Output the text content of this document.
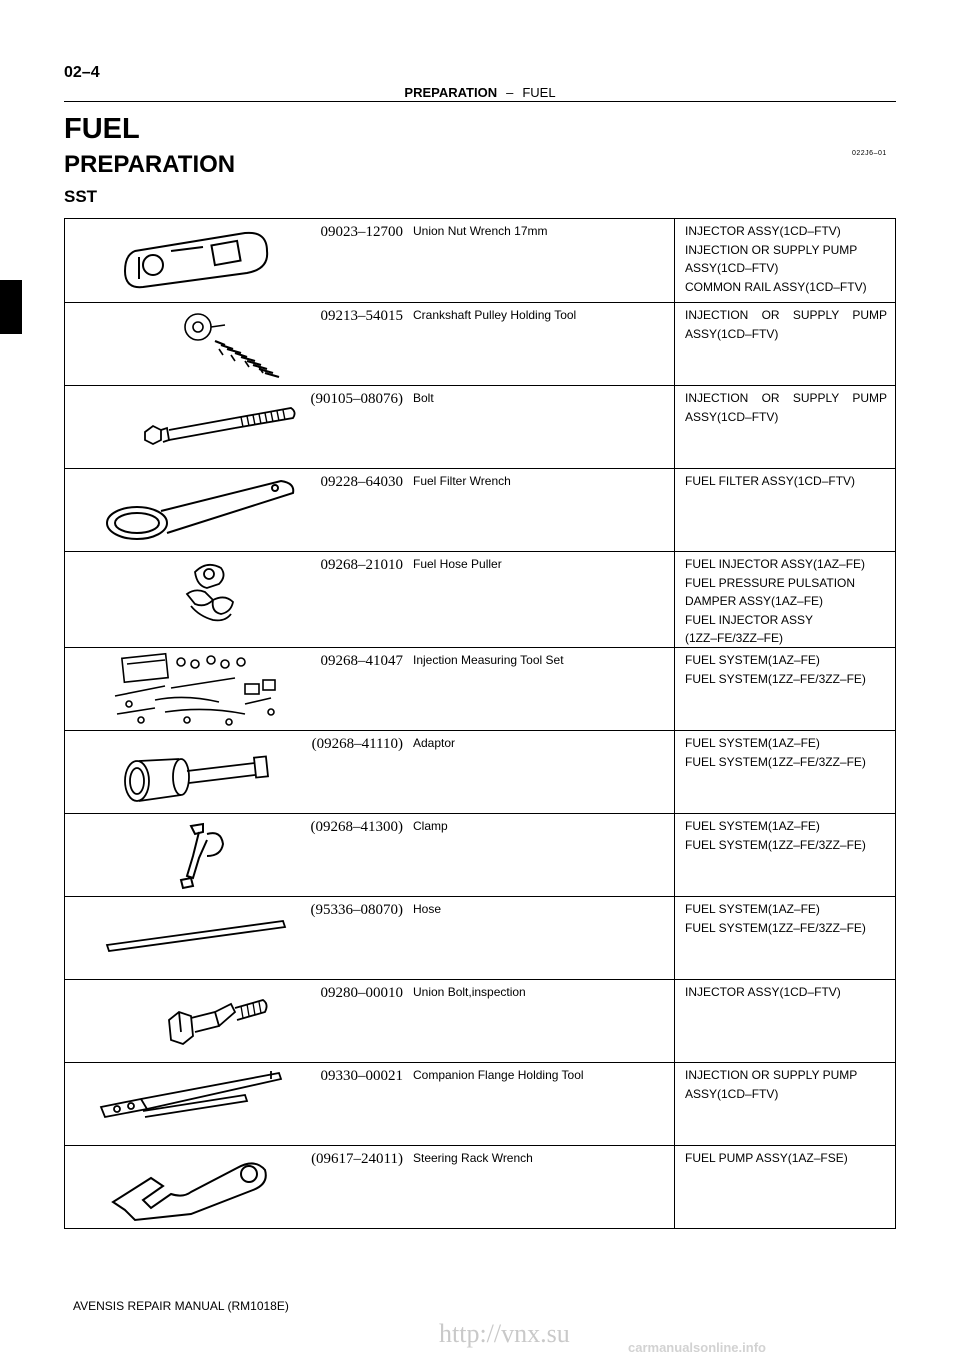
02–4
PREPARATION – FUEL
FUEL
PREPARATION	022J6–01
SST
09023–12700 Union Nut Wrench 17mm	INJECTOR ASSY(1CD–FTV)
INJECTION OR SUPPLY PUMP
ASSY(1CD–FTV)
COMMON RAIL ASSY(1CD–FTV)
09213–54015 Crankshaft Pulley Holding Tool	INJECTION OR SUPPLY PUMP
ASSY(1CD–FTV)
(90105–08076) Bolt	INJECTION OR SUPPLY PUMP
ASSY(1CD–FTV)
09228–64030 Fuel Filter Wrench	FUEL FILTER ASSY(1CD–FTV)
09268–21010 Fuel Hose Puller	FUEL INJECTOR ASSY(1AZ–FE)
FUEL PRESSURE PULSATION
DAMPER ASSY(1AZ–FE)
FUEL INJECTOR ASSY
(1ZZ–FE/3ZZ–FE)
09268–41047 Injection Measuring Tool Set	FUEL SYSTEM(1AZ–FE)
FUEL SYSTEM(1ZZ–FE/3ZZ–FE)
(09268–41110) Adaptor	FUEL SYSTEM(1AZ–FE)
FUEL SYSTEM(1ZZ–FE/3ZZ–FE)
(09268–41300) Clamp	FUEL SYSTEM(1AZ–FE)
FUEL SYSTEM(1ZZ–FE/3ZZ–FE)
(95336–08070) Hose	FUEL SYSTEM(1AZ–FE)
FUEL SYSTEM(1ZZ–FE/3ZZ–FE)
09280–00010 Union Bolt,inspection	INJECTOR ASSY(1CD–FTV)
09330–00021 Companion Flange Holding Tool	INJECTION OR SUPPLY PUMP
ASSY(1CD–FTV)
(09617–24011) Steering Rack Wrench	FUEL PUMP ASSY(1AZ–FSE)
AVENSIS REPAIR MANUAL (RM1018E)
http://vnx.su	carmanualsonline.info
